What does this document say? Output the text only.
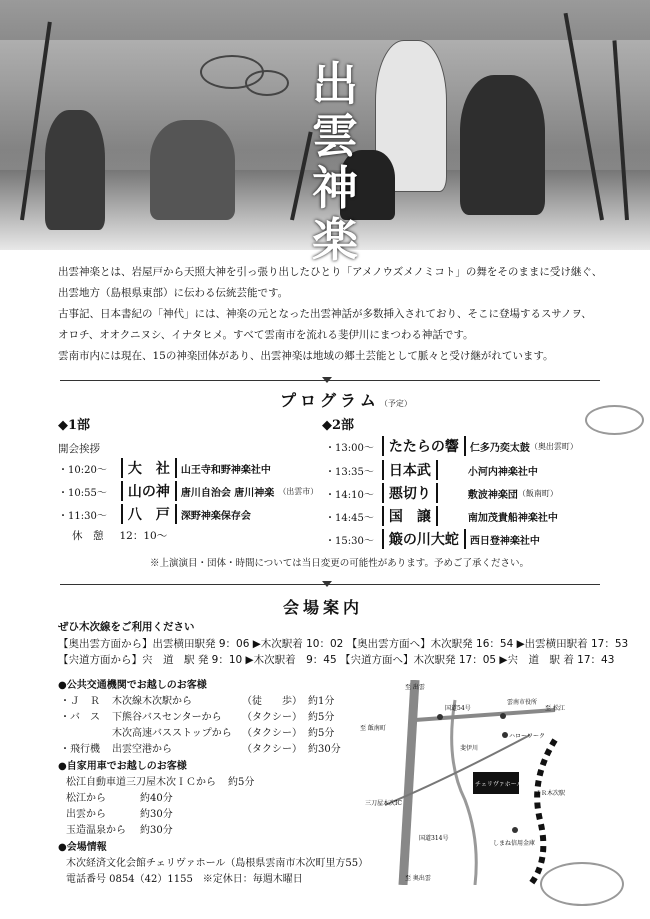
出
雲
神
楽

出雲神楽とは、岩屋戸から天照大神を引っ張り出したひとり「アメノウズメノミコト」の舞をそのままに受け継ぐ、

出雲地方（島根県東部）に伝わる伝統芸能です。

古事記、日本書紀の「神代」には、神楽の元となった出雲神話が多数挿入されており、そこに登場するスサノヲ、

オロチ、オオクニヌシ、イナタヒメ。すべて雲南市を流れる斐伊川にまつわる神話です。

雲南市内には現在、15の神楽団体があり、出雲神楽は地域の郷土芸能として脈々と受け継がれています。

プログラム（予定）
◆1部
開会挨拶
・10:20～	大　社	山王寺和野神楽社中
・10:55～	山の神	唐川自治会 唐川神楽 （出雲市）
・11:30～	八　戸	深野神楽保存会
休　憩 12：10～
◆2部
・13:00～	たたらの響	仁多乃奕太鼓 （奥出雲町）
・13:35～	日本武	小河内神楽社中
・14:10～	悪切り	敷波神楽団 （飯南町）
・14:45～	国　譲	南加茂貴船神楽社中
・15:30～	簸の川大蛇	西日登神楽社中
※上演演目・団体・時間については当日変更の可能性があります。予めご了承ください。
会場案内
ぜひ木次線をご利用ください
【奥出雲方面から】出雲横田駅発 9：06 ▶木次駅着 10：02 【奥出雲方面へ】木次駅発 16：54 ▶出雲横田駅着 17：53
【宍道方面から】宍　道　駅 発 9：10 ▶木次駅着　9：45 【宍道方面へ】木次駅発 17：05 ▶宍　道　駅 着 17：43
●公共交通機関でお越しのお客様
・Ｊ　Ｒ 木次線木次駅から	（徒　　歩） 約1分
・バ　ス 下熊谷バスセンターから （タクシー） 約5分
木次高速バスストップから （タクシー） 約5分
・飛行機 出雲空港から	（タクシー） 約30分
●自家用車でお越しのお客様
松江自動車道三刀屋木次ＩＣから 約5分
松江から	約40分
出雲から	約30分
玉造温泉から 約30分
●会場情報
木次経済文化会館チェリヴァホール（島根県雲南市木次町里方55）
電話番号 0854（42）1155　※定休日：毎週木曜日
至 出雲
至 飯南町
至 松江
国道54号
雲南市役所
ハローワーク
斐伊川
チェリヴァホール
ＪＲ木次駅
三刀屋木次IC
国道314号
しまね信用金庫
至 奥出雲
